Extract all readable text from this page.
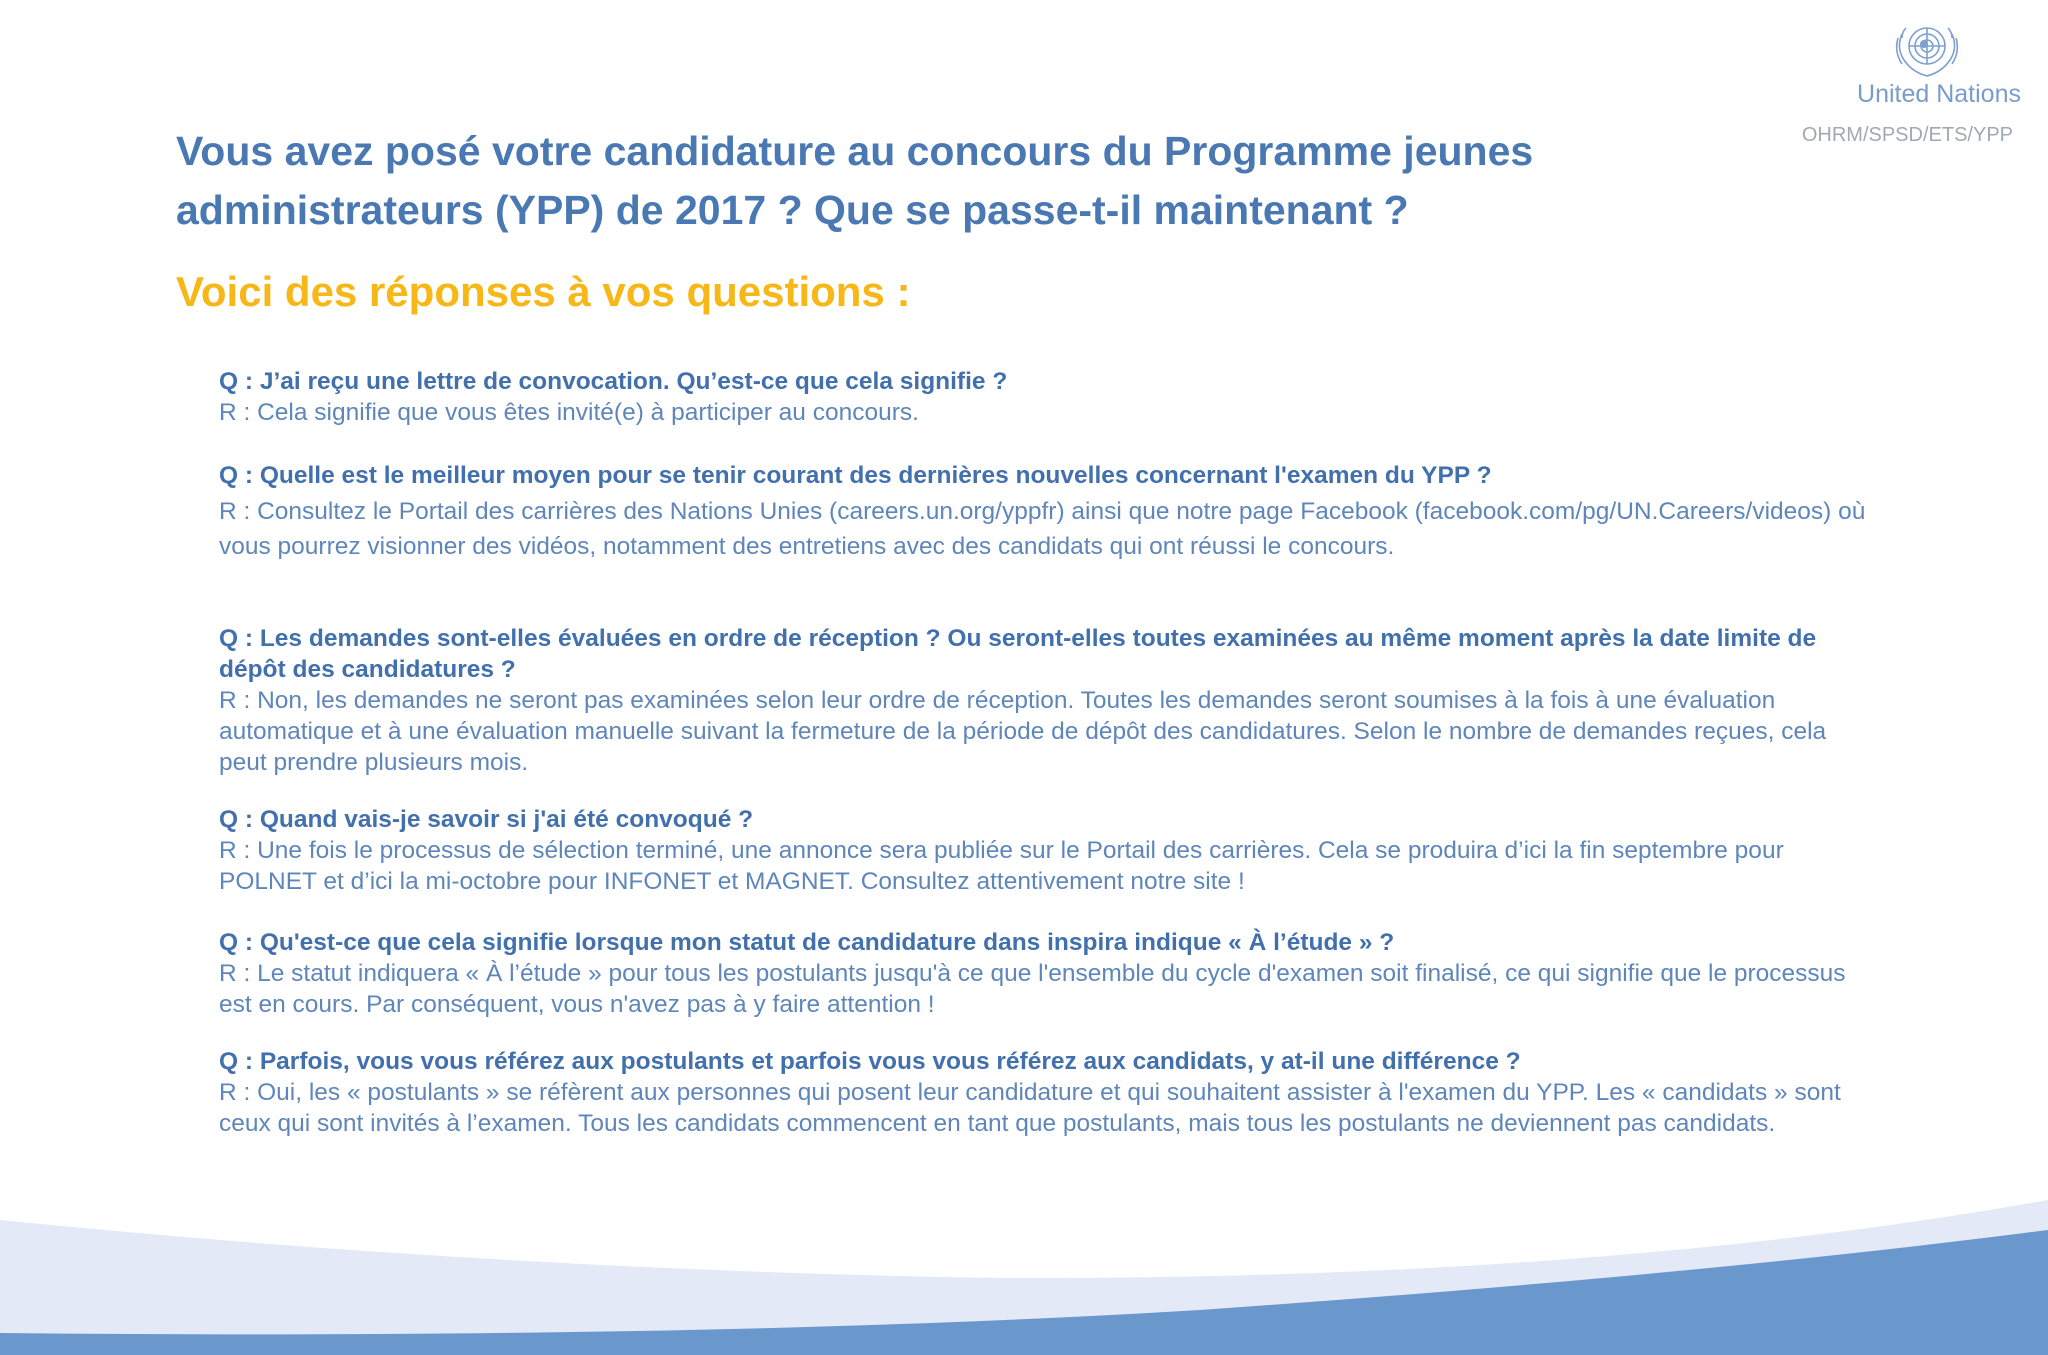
United Nations
OHRM/SPSD/ETS/YPP
Vous avez posé votre candidature au concours du Programme jeunes administrateurs (YPP) de 2017 ? Que se passe-t-il maintenant ?
Voici des réponses à vos questions :

Q : J’ai reçu une lettre de convocation. Qu’est-ce que cela signifie ?

R : Cela signifie que vous êtes invité(e) à participer au concours.

Q : Quelle est le meilleur moyen pour se tenir courant des dernières nouvelles concernant l'examen du YPP ?

R : Consultez le Portail des carrières des Nations Unies (careers.un.org/yppfr) ainsi que notre page Facebook (facebook.com/pg/UN.Careers/videos) où vous pourrez visionner des vidéos, notamment des entretiens avec des candidats qui ont réussi le concours.

Q : Les demandes sont-elles évaluées en ordre de réception ? Ou seront-elles toutes examinées au même moment après la date limite de dépôt des candidatures ?

R : Non, les demandes ne seront pas examinées selon leur ordre de réception. Toutes les demandes seront soumises à la fois à une évaluation automatique et à une évaluation manuelle suivant la fermeture de la période de dépôt des candidatures. Selon le nombre de demandes reçues, cela peut prendre plusieurs mois.

Q : Quand vais-je savoir si j'ai été convoqué ?

R : Une fois le processus de sélection terminé, une annonce sera publiée sur le Portail des carrières. Cela se produira d’ici la fin septembre pour POLNET et d’ici la mi-octobre pour INFONET et MAGNET. Consultez attentivement notre site !

Q : Qu'est-ce que cela signifie lorsque mon statut de candidature dans inspira indique « À l’étude » ?

R : Le statut indiquera « À l’étude » pour tous les postulants jusqu'à ce que l'ensemble du cycle d'examen soit finalisé, ce qui signifie que le processus est en cours. Par conséquent, vous n'avez pas à y faire attention !

Q : Parfois, vous vous référez aux postulants et parfois vous vous référez aux candidats, y at-il une différence ?

R : Oui, les « postulants » se réfèrent aux personnes qui posent leur candidature et qui souhaitent assister à l'examen du YPP. Les « candidats » sont ceux qui sont invités à l’examen. Tous les candidats commencent en tant que postulants, mais tous les postulants ne deviennent pas candidats.
